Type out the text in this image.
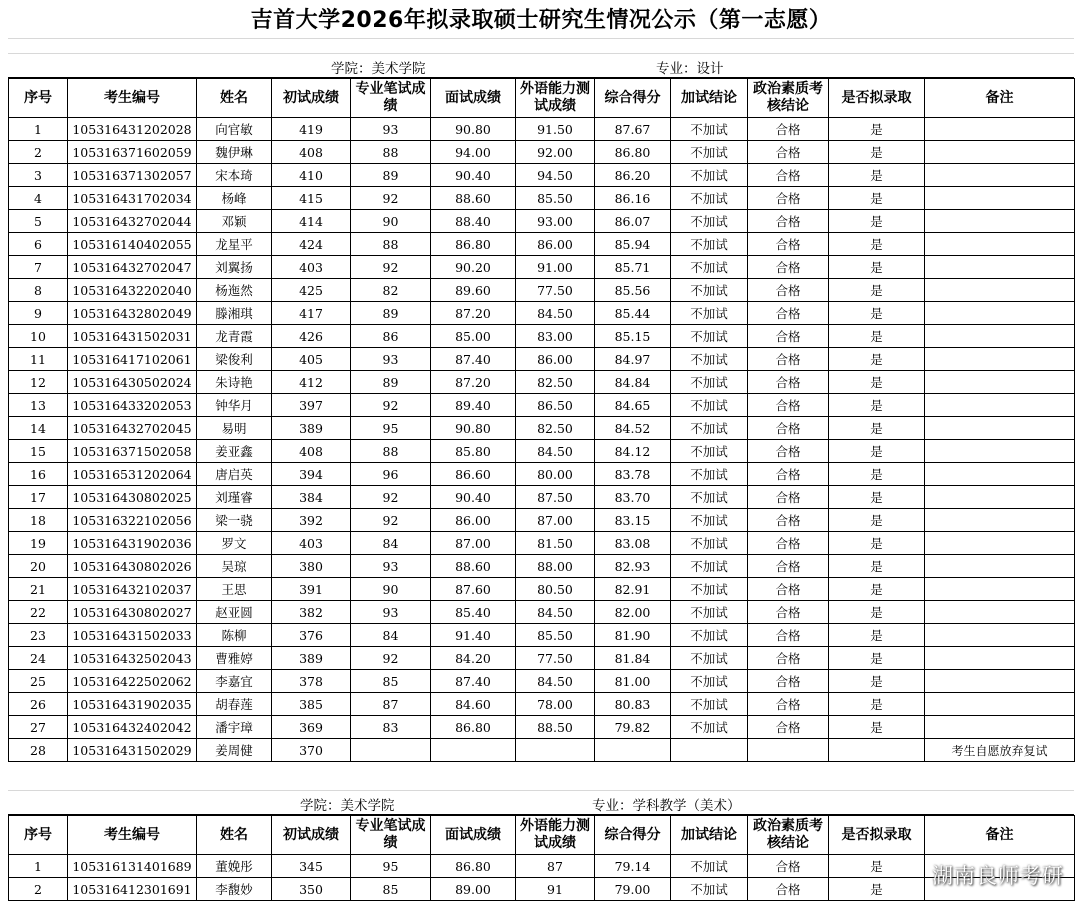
吉首大学2026年拟录取硕士研究生情况公示（第一志愿）
学院：美术学院	专业：设计
序号	考生编号	姓名	初试成绩	专业笔试成绩	面试成绩	外语能力测试成绩	综合得分	加试结论	政治素质考核结论	是否拟录取	备注
1	105316431202028	向官敏	419	93	90.80	91.50	87.67	不加试	合格	是	
2	105316371602059	魏伊琳	408	88	94.00	92.00	86.80	不加试	合格	是	
3	105316371302057	宋本琦	410	89	90.40	94.50	86.20	不加试	合格	是	
4	105316431702034	杨峰	415	92	88.60	85.50	86.16	不加试	合格	是	
5	105316432702044	邓颖	414	90	88.40	93.00	86.07	不加试	合格	是	
6	105316140402055	龙星平	424	88	86.80	86.00	85.94	不加试	合格	是	
7	105316432702047	刘翼扬	403	92	90.20	91.00	85.71	不加试	合格	是	
8	105316432202040	杨迤然	425	82	89.60	77.50	85.56	不加试	合格	是	
9	105316432802049	滕湘琪	417	89	87.20	84.50	85.44	不加试	合格	是	
10	105316431502031	龙青霞	426	86	85.00	83.00	85.15	不加试	合格	是	
11	105316417102061	梁俊利	405	93	87.40	86.00	84.97	不加试	合格	是	
12	105316430502024	朱诗艳	412	89	87.20	82.50	84.84	不加试	合格	是	
13	105316433202053	钟华月	397	92	89.40	86.50	84.65	不加试	合格	是	
14	105316432702045	易明	389	95	90.80	82.50	84.52	不加试	合格	是	
15	105316371502058	姜亚鑫	408	88	85.80	84.50	84.12	不加试	合格	是	
16	105316531202064	唐启英	394	96	86.60	80.00	83.78	不加试	合格	是	
17	105316430802025	刘瑾睿	384	92	90.40	87.50	83.70	不加试	合格	是	
18	105316322102056	梁一骁	392	92	86.00	87.00	83.15	不加试	合格	是	
19	105316431902036	罗文	403	84	87.00	81.50	83.08	不加试	合格	是	
20	105316430802026	吴琼	380	93	88.60	88.00	82.93	不加试	合格	是	
21	105316432102037	王思	391	90	87.60	80.50	82.91	不加试	合格	是	
22	105316430802027	赵亚圆	382	93	85.40	84.50	82.00	不加试	合格	是	
23	105316431502033	陈柳	376	84	91.40	85.50	81.90	不加试	合格	是	
24	105316432502043	曹雅婷	389	92	84.20	77.50	81.84	不加试	合格	是	
25	105316422502062	李嘉宜	378	85	87.40	84.50	81.00	不加试	合格	是	
26	105316431902035	胡春莲	385	87	84.60	78.00	80.83	不加试	合格	是	
27	105316432402042	潘宇璋	369	83	86.80	88.50	79.82	不加试	合格	是	
28	105316431502029	姜周健	370								考生自愿放弃复试
学院：美术学院	专业：学科教学（美术）
序号	考生编号	姓名	初试成绩	专业笔试成绩	面试成绩	外语能力测试成绩	综合得分	加试结论	政治素质考核结论	是否拟录取	备注
1	105316131401689	董娩彤	345	95	86.80	87	79.14	不加试	合格	是	
2	105316412301691	李馥妙	350	85	89.00	91	79.00	不加试	合格	是	
湖南良师考研
